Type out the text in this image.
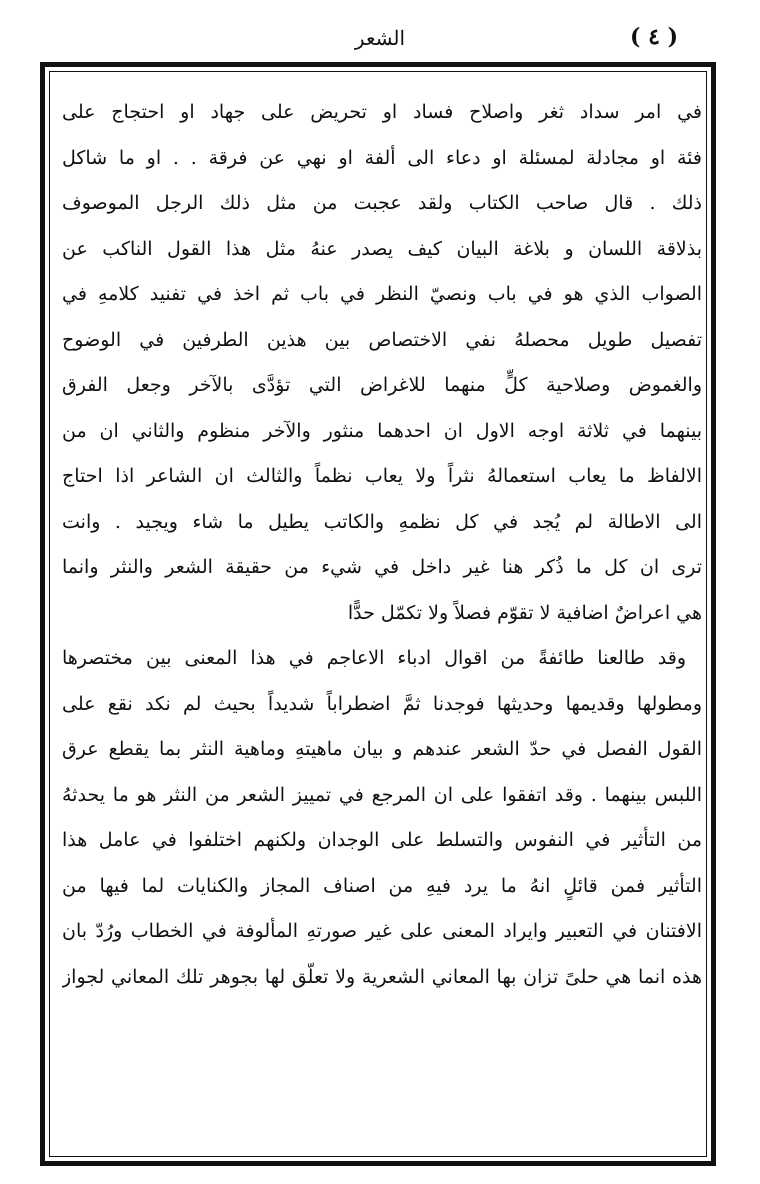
الشعر	( ٤ )
في امر سداد ثغر واصلاح فساد او تحريض على جهاد او احتجاج على
فئة او مجادلة لمسئلة او دعاء الى ألفة او نهي عن فرقة . . او ما شاكل
ذلك . قال صاحب الكتاب ولقد عجبت من مثل ذلك الرجل الموصوف
بذلاقة اللسان و بلاغة البيان كيف يصدر عنهُ مثل هذا القول الناكب عن
الصواب الذي هو في باب ونصيّ النظر في باب ثم اخذ في تفنيد كلامهِ في
تفصيل طويل محصلهُ نفي الاختصاص بين هذين الطرفين في الوضوح
والغموض وصلاحية كلٍّ منهما للاغراض التي تؤدَّى بالآخر وجعل الفرق
بينهما في ثلاثة اوجه الاول ان احدهما منثور والآخر منظوم والثاني ان من
الالفاظ ما يعاب استعمالهُ نثراً ولا يعاب نظماً والثالث ان الشاعر اذا احتاج
الى الاطالة لم يُجد في كل نظمهِ والكاتب يطيل ما شاء ويجيد . وانت
ترى ان كل ما ذُكر هنا غير داخل في شيء من حقيقة الشعر والنثر وانما
هي اعراضٌ اضافية لا تقوّم فصلاً ولا تكمّل حدًّا
وقد طالعنا طائفةً من اقوال ادباء الاعاجم في هذا المعنى بين مختصرها
ومطولها وقديمها وحديثها فوجدنا ثمَّ اضطراباً شديداً بحيث لم نكد نقع على
القول الفصل في حدّ الشعر عندهم و بيان ماهيتهِ وماهية النثر بما يقطع عرق
اللبس بينهما . وقد اتفقوا على ان المرجع في تمييز الشعر من النثر هو ما يحدثهُ
من التأثير في النفوس والتسلط على الوجدان ولكنهم اختلفوا في عامل هذا
التأثير فمن قائلٍ انهُ ما يرد فيهِ من اصناف المجاز والكنايات لما فيها من
الافتنان في التعبير وايراد المعنى على غير صورتهِ المألوفة في الخطاب ورُدّ بان
هذه انما هي حلىً تزان بها المعاني الشعرية ولا تعلّق لها بجوهر تلك المعاني لجواز
